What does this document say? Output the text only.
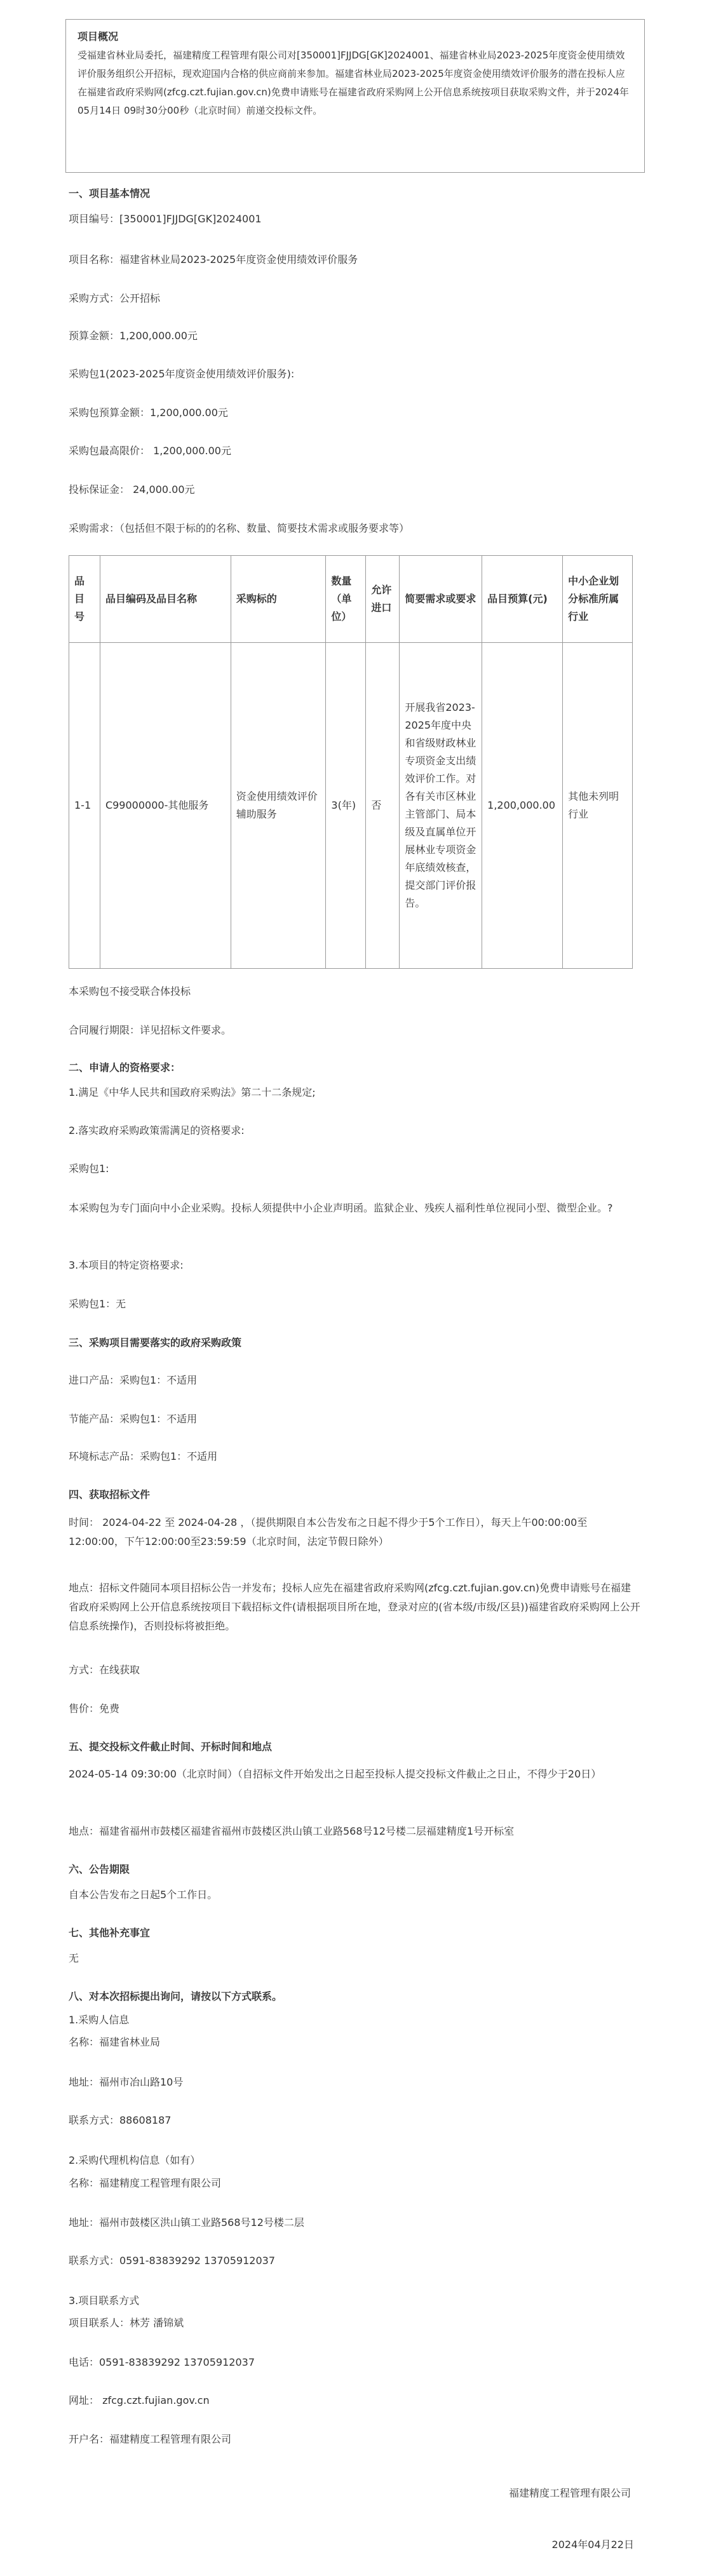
项目概况
受福建省林业局委托，福建精度工程管理有限公司对[350001]FJJDG[GK]2024001、福建省林业局2023-2025年度资金使用绩效评价服务组织公开招标，现欢迎国内合格的供应商前来参加。福建省林业局2023-2025年度资金使用绩效评价服务的潜在投标人应在福建省政府采购网(zfcg.czt.fujian.gov.cn)免费申请账号在福建省政府采购网上公开信息系统按项目获取采购文件，并于2024年05月14日 09时30分00秒（北京时间）前递交投标文件。
一、项目基本情况
项目编号：[350001]FJJDG[GK]2024001
项目名称：福建省林业局2023-2025年度资金使用绩效评价服务
采购方式：公开招标
预算金额：1,200,000.00元
采购包1(2023-2025年度资金使用绩效评价服务):
采购包预算金额：1,200,000.00元
采购包最高限价： 1,200,000.00元
投标保证金： 24,000.00元
采购需求：（包括但不限于标的的名称、数量、简要技术需求或服务要求等）
品目号	品目编码及品目名称	采购标的	数量（单位）	允许进口	简要需求或要求	品目预算(元)	中小企业划分标准所属行业
1-1	C99000000-其他服务	资金使用绩效评价辅助服务	3(年)	否	开展我省2023-2025年度中央和省级财政林业专项资金支出绩效评价工作。对各有关市区林业主管部门、局本级及直属单位开展林业专项资金年底绩效核查，提交部门评价报告。	1,200,000.00	其他未列明行业
本采购包不接受联合体投标
合同履行期限：详见招标文件要求。
二、申请人的资格要求：
1.满足《中华人民共和国政府采购法》第二十二条规定;
2.落实政府采购政策需满足的资格要求:
采购包1:
本采购包为专门面向中小企业采购。投标人须提供中小企业声明函。监狱企业、残疾人福利性单位视同小型、微型企业。?
3.本项目的特定资格要求:
采购包1：无
三、采购项目需要落实的政府采购政策
进口产品：采购包1：不适用
节能产品：采购包1：不适用
环境标志产品：采购包1：不适用
四、获取招标文件
时间： 2024-04-22 至 2024-04-28 ，（提供期限自本公告发布之日起不得少于5个工作日），每天上午00:00:00至12:00:00，下午12:00:00至23:59:59（北京时间，法定节假日除外）
地点：招标文件随同本项目招标公告一并发布；投标人应先在福建省政府采购网(zfcg.czt.fujian.gov.cn)免费申请账号在福建省政府采购网上公开信息系统按项目下载招标文件(请根据项目所在地，登录对应的(省本级/市级/区县))福建省政府采购网上公开信息系统操作)，否则投标将被拒绝。
方式：在线获取
售价：免费
五、提交投标文件截止时间、开标时间和地点
2024-05-14 09:30:00（北京时间）（自招标文件开始发出之日起至投标人提交投标文件截止之日止，不得少于20日）
地点：福建省福州市鼓楼区福建省福州市鼓楼区洪山镇工业路568号12号楼二层福建精度1号开标室
六、公告期限
自本公告发布之日起5个工作日。
七、其他补充事宜
无
八、对本次招标提出询问，请按以下方式联系。
1.采购人信息
名称：福建省林业局
地址：福州市冶山路10号
联系方式：88608187
2.采购代理机构信息（如有）
名称：福建精度工程管理有限公司
地址：福州市鼓楼区洪山镇工业路568号12号楼二层
联系方式：0591-83839292 13705912037
3.项目联系方式
项目联系人：林芳 潘锦斌
电话：0591-83839292 13705912037
网址： zfcg.czt.fujian.gov.cn
开户名：福建精度工程管理有限公司
福建精度工程管理有限公司
2024年04月22日
